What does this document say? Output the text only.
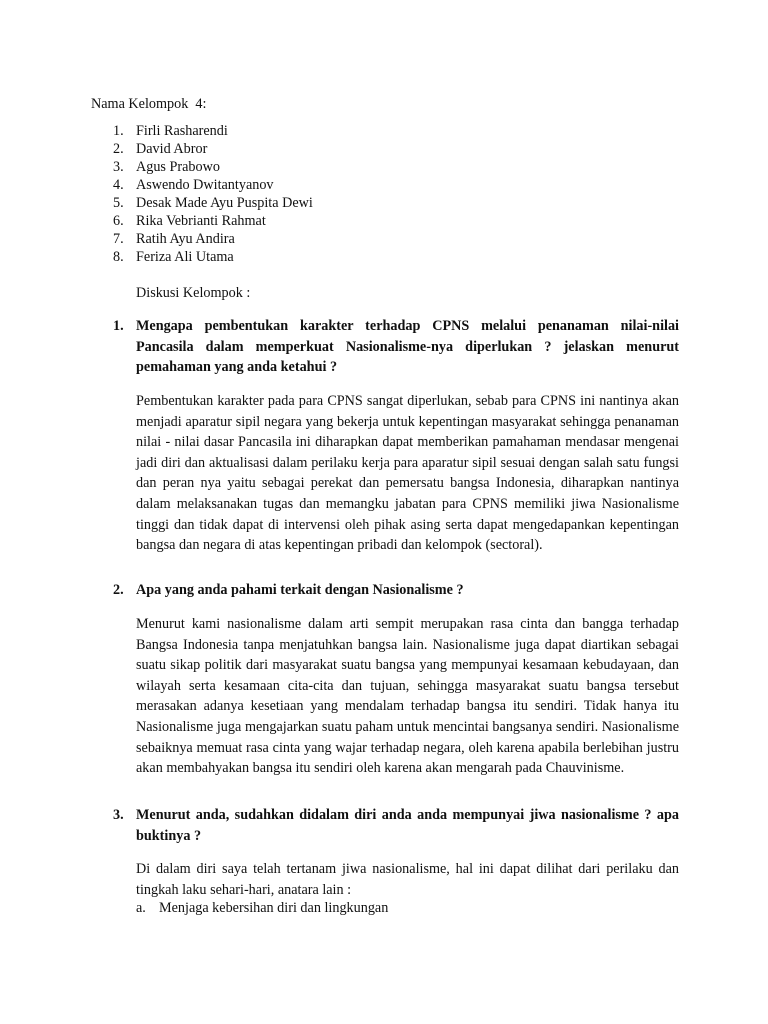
Nama Kelompok  4:
1. Firli Rasharendi
2. David Abror
3. Agus Prabowo
4. Aswendo Dwitantyanov
5. Desak Made Ayu Puspita Dewi
6. Rika Vebrianti Rahmat
7. Ratih Ayu Andira
8. Feriza Ali Utama
Diskusi Kelompok :
1. Mengapa pembentukan karakter terhadap CPNS melalui penanaman nilai-nilai Pancasila dalam memperkuat Nasionalisme-nya diperlukan ? jelaskan menurut pemahaman yang anda ketahui ?
Pembentukan karakter pada para CPNS sangat diperlukan, sebab para CPNS ini nantinya akan menjadi aparatur sipil negara yang bekerja untuk kepentingan masyarakat sehingga penanaman nilai - nilai dasar Pancasila ini diharapkan dapat memberikan pamahaman mendasar mengenai jadi diri dan aktualisasi dalam perilaku kerja para aparatur sipil sesuai dengan salah satu fungsi dan peran nya yaitu sebagai perekat dan pemersatu bangsa Indonesia, diharapkan nantinya dalam melaksanakan tugas dan memangku jabatan para CPNS memiliki jiwa Nasionalisme tinggi dan tidak dapat di intervensi oleh pihak asing serta dapat mengedapankan kepentingan bangsa dan negara di atas kepentingan pribadi dan kelompok (sectoral).
2. Apa yang anda pahami terkait dengan Nasionalisme ?
Menurut kami nasionalisme dalam arti sempit merupakan rasa cinta dan bangga terhadap Bangsa Indonesia tanpa menjatuhkan bangsa lain. Nasionalisme juga dapat diartikan sebagai suatu sikap politik dari masyarakat suatu bangsa yang mempunyai kesamaan kebudayaan, dan wilayah serta kesamaan cita-cita dan tujuan, sehingga masyarakat suatu bangsa tersebut merasakan adanya kesetiaan yang mendalam terhadap bangsa itu sendiri. Tidak hanya itu Nasionalisme juga mengajarkan suatu paham untuk mencintai bangsanya sendiri. Nasionalisme sebaiknya memuat rasa cinta yang wajar terhadap negara, oleh karena apabila berlebihan justru akan membahyakan bangsa itu sendiri oleh karena akan mengarah pada Chauvinisme.
3. Menurut anda, sudahkan didalam diri anda anda mempunyai jiwa nasionalisme ? apa buktinya ?
Di dalam diri saya telah tertanam jiwa nasionalisme, hal ini dapat dilihat dari perilaku dan tingkah laku sehari-hari, anatara lain :
a. Menjaga kebersihan diri dan lingkungan
